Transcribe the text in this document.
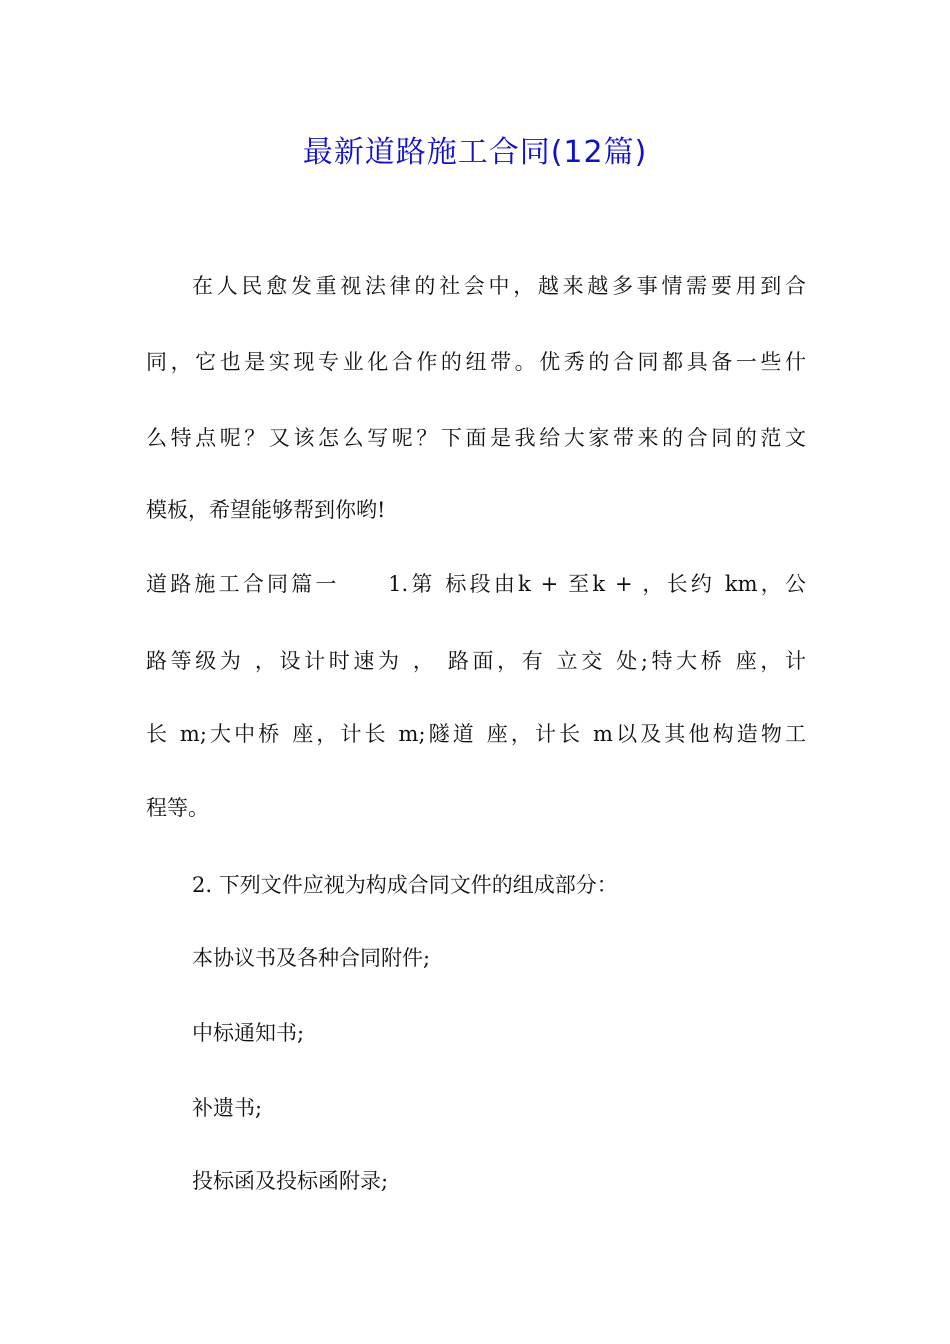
最新道路施工合同(12篇)
在人民愈发重视法律的社会中，越来越多事情需要用到合
同，它也是实现专业化合作的纽带。优秀的合同都具备一些什
么特点呢？又该怎么写呢？下面是我给大家带来的合同的范文
模板，希望能够帮到你哟!
道路施工合同篇一　　1.第 标段由k + 至k + ，长约 km，公
路等级为 ，设计时速为 ， 路面，有 立交 处;特大桥 座，计
长 m;大中桥 座，计长 m;隧道 座，计长 m以及其他构造物工
程等。
2. 下列文件应视为构成合同文件的组成部分：
本协议书及各种合同附件;
中标通知书;
补遗书;
投标函及投标函附录;
